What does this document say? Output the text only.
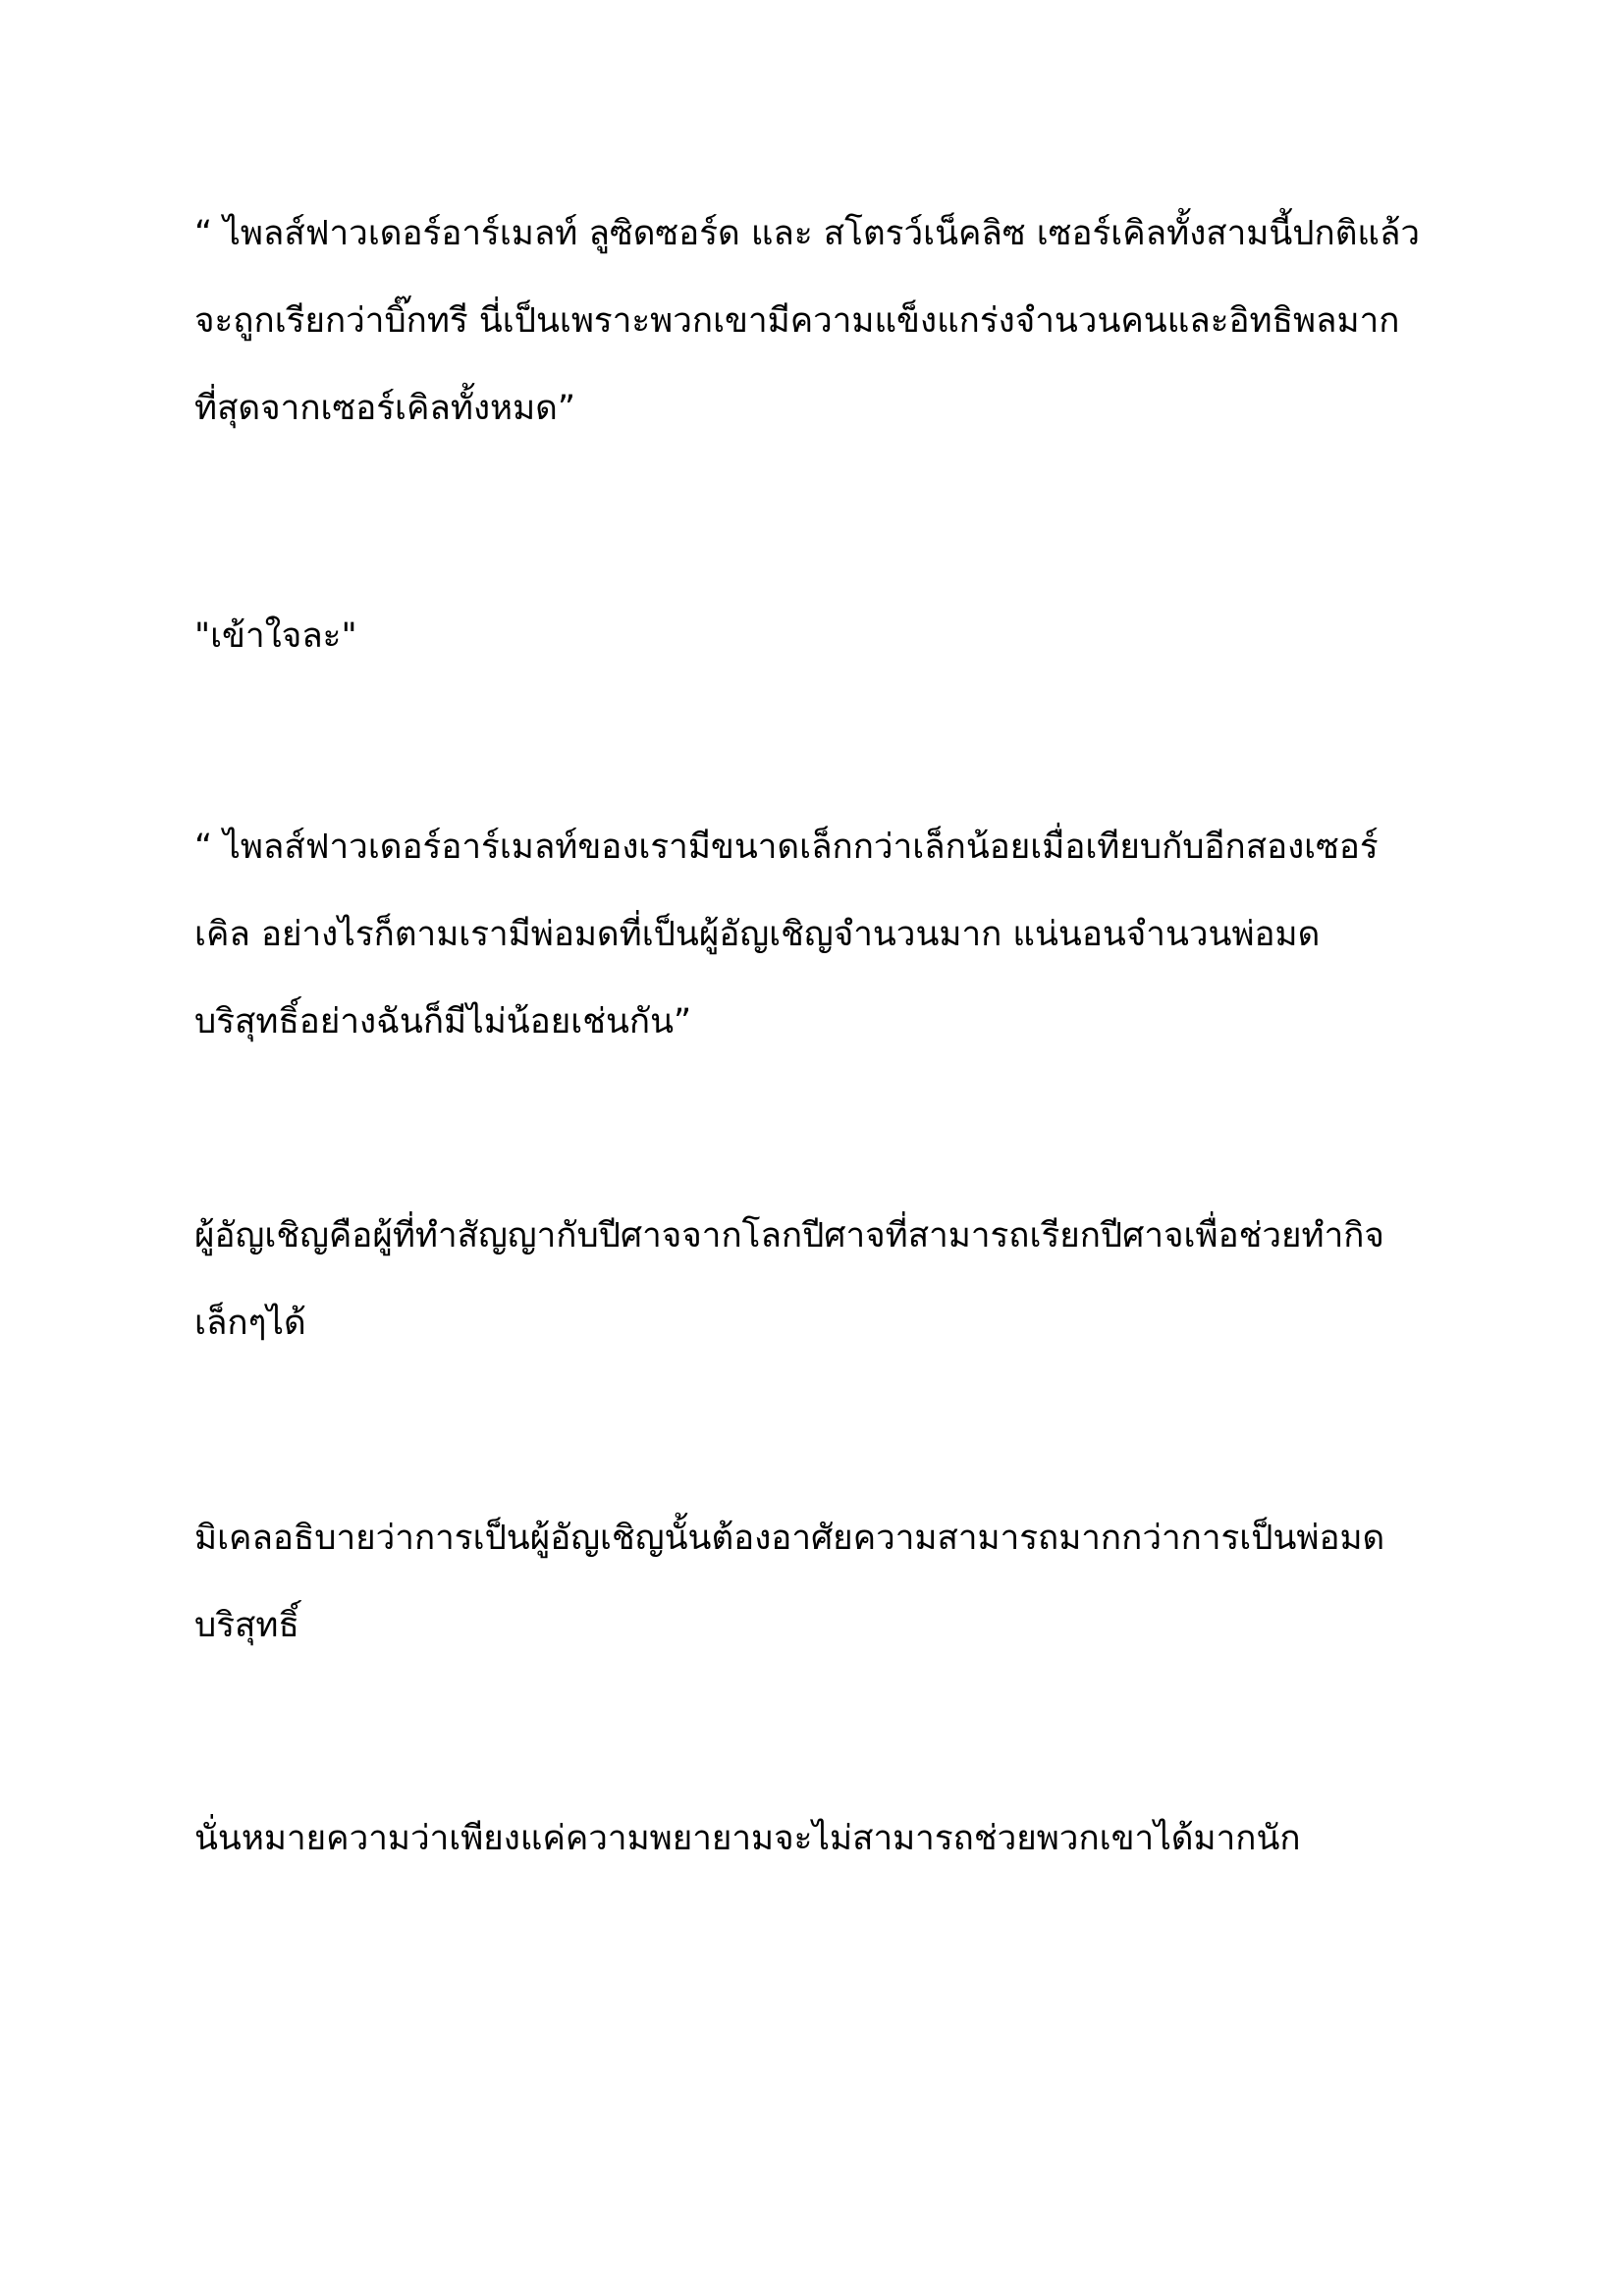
“ ไพลส์ฟาวเดอร์อาร์เมลท์ ลูซิดซอร์ด และ สโตรว์เน็คลิซ เซอร์เคิลทั้งสามนี้ปกติแล้ว
จะถูกเรียกว่าบิ๊กทรี นี่เป็นเพราะพวกเขามีความแข็งแกร่งจำนวนคนและอิทธิพลมาก
ที่สุดจากเซอร์เคิลทั้งหมด”
"เข้าใจละ"
“ ไพลส์ฟาวเดอร์อาร์เมลท์ของเรามีขนาดเล็กกว่าเล็กน้อยเมื่อเทียบกับอีกสองเซอร์
เคิล อย่างไรก็ตามเรามีพ่อมดที่เป็นผู้อัญเชิญจำนวนมาก แน่นอนจำนวนพ่อมด
บริสุทธิ์อย่างฉันก็มีไม่น้อยเช่นกัน”
ผู้อัญเชิญคือผู้ที่ทำสัญญากับปีศาจจากโลกปีศาจที่สามารถเรียกปีศาจเพื่อช่วยทำกิจ
เล็กๆได้
มิเคลอธิบายว่าการเป็นผู้อัญเชิญนั้นต้องอาศัยความสามารถมากกว่าการเป็นพ่อมด
บริสุทธิ์
นั่นหมายความว่าเพียงแค่ความพยายามจะไม่สามารถช่วยพวกเขาได้มากนัก
